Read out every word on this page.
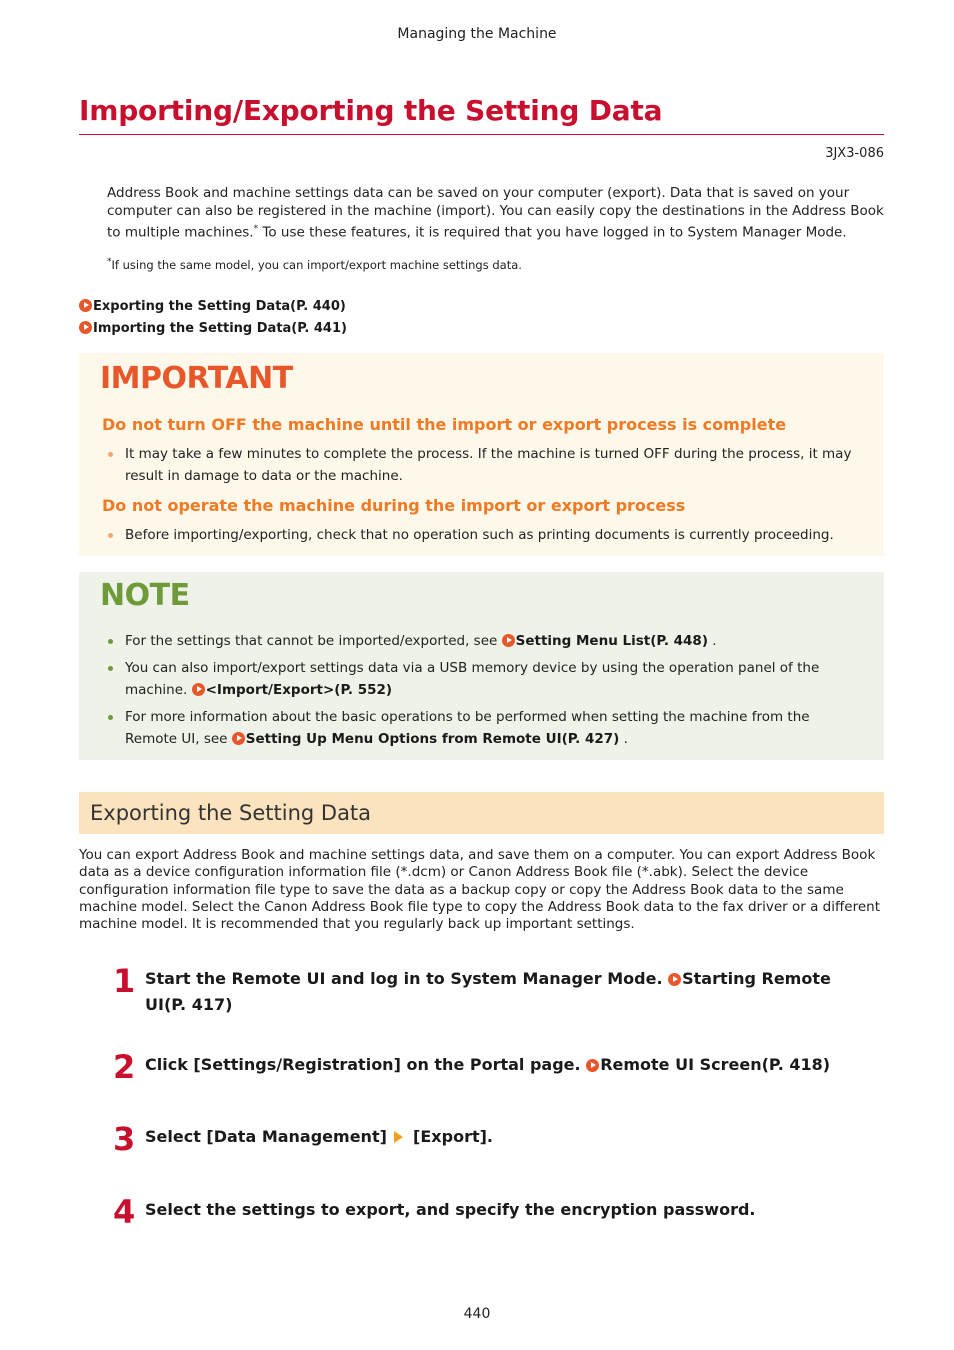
Managing the Machine
Importing/Exporting the Setting Data
3JX3-086
Address Book and machine settings data can be saved on your computer (export). Data that is saved on your computer can also be registered in the machine (import). You can easily copy the destinations in the Address Book to multiple machines.* To use these features, it is required that you have logged in to System Manager Mode.
*If using the same model, you can import/export machine settings data.
Exporting the Setting Data(P. 440)
Importing the Setting Data(P. 441)
IMPORTANT
Do not turn OFF the machine until the import or export process is complete
It may take a few minutes to complete the process. If the machine is turned OFF during the process, it may result in damage to data or the machine.
Do not operate the machine during the import or export process
Before importing/exporting, check that no operation such as printing documents is currently proceeding.
NOTE
For the settings that cannot be imported/exported, see Setting Menu List(P. 448) .
You can also import/export settings data via a USB memory device by using the operation panel of the machine. <Import/Export>(P. 552)
For more information about the basic operations to be performed when setting the machine from the Remote UI, see Setting Up Menu Options from Remote UI(P. 427) .
Exporting the Setting Data
You can export Address Book and machine settings data, and save them on a computer. You can export Address Book data as a device configuration information file (*.dcm) or Canon Address Book file (*.abk). Select the device configuration information file type to save the data as a backup copy or copy the Address Book data to the same machine model. Select the Canon Address Book file type to copy the Address Book data to the fax driver or a different machine model. It is recommended that you regularly back up important settings.
1 Start the Remote UI and log in to System Manager Mode. Starting Remote UI(P. 417)
2 Click [Settings/Registration] on the Portal page. Remote UI Screen(P. 418)
3 Select [Data Management]  [Export].
4 Select the settings to export, and specify the encryption password.
440
